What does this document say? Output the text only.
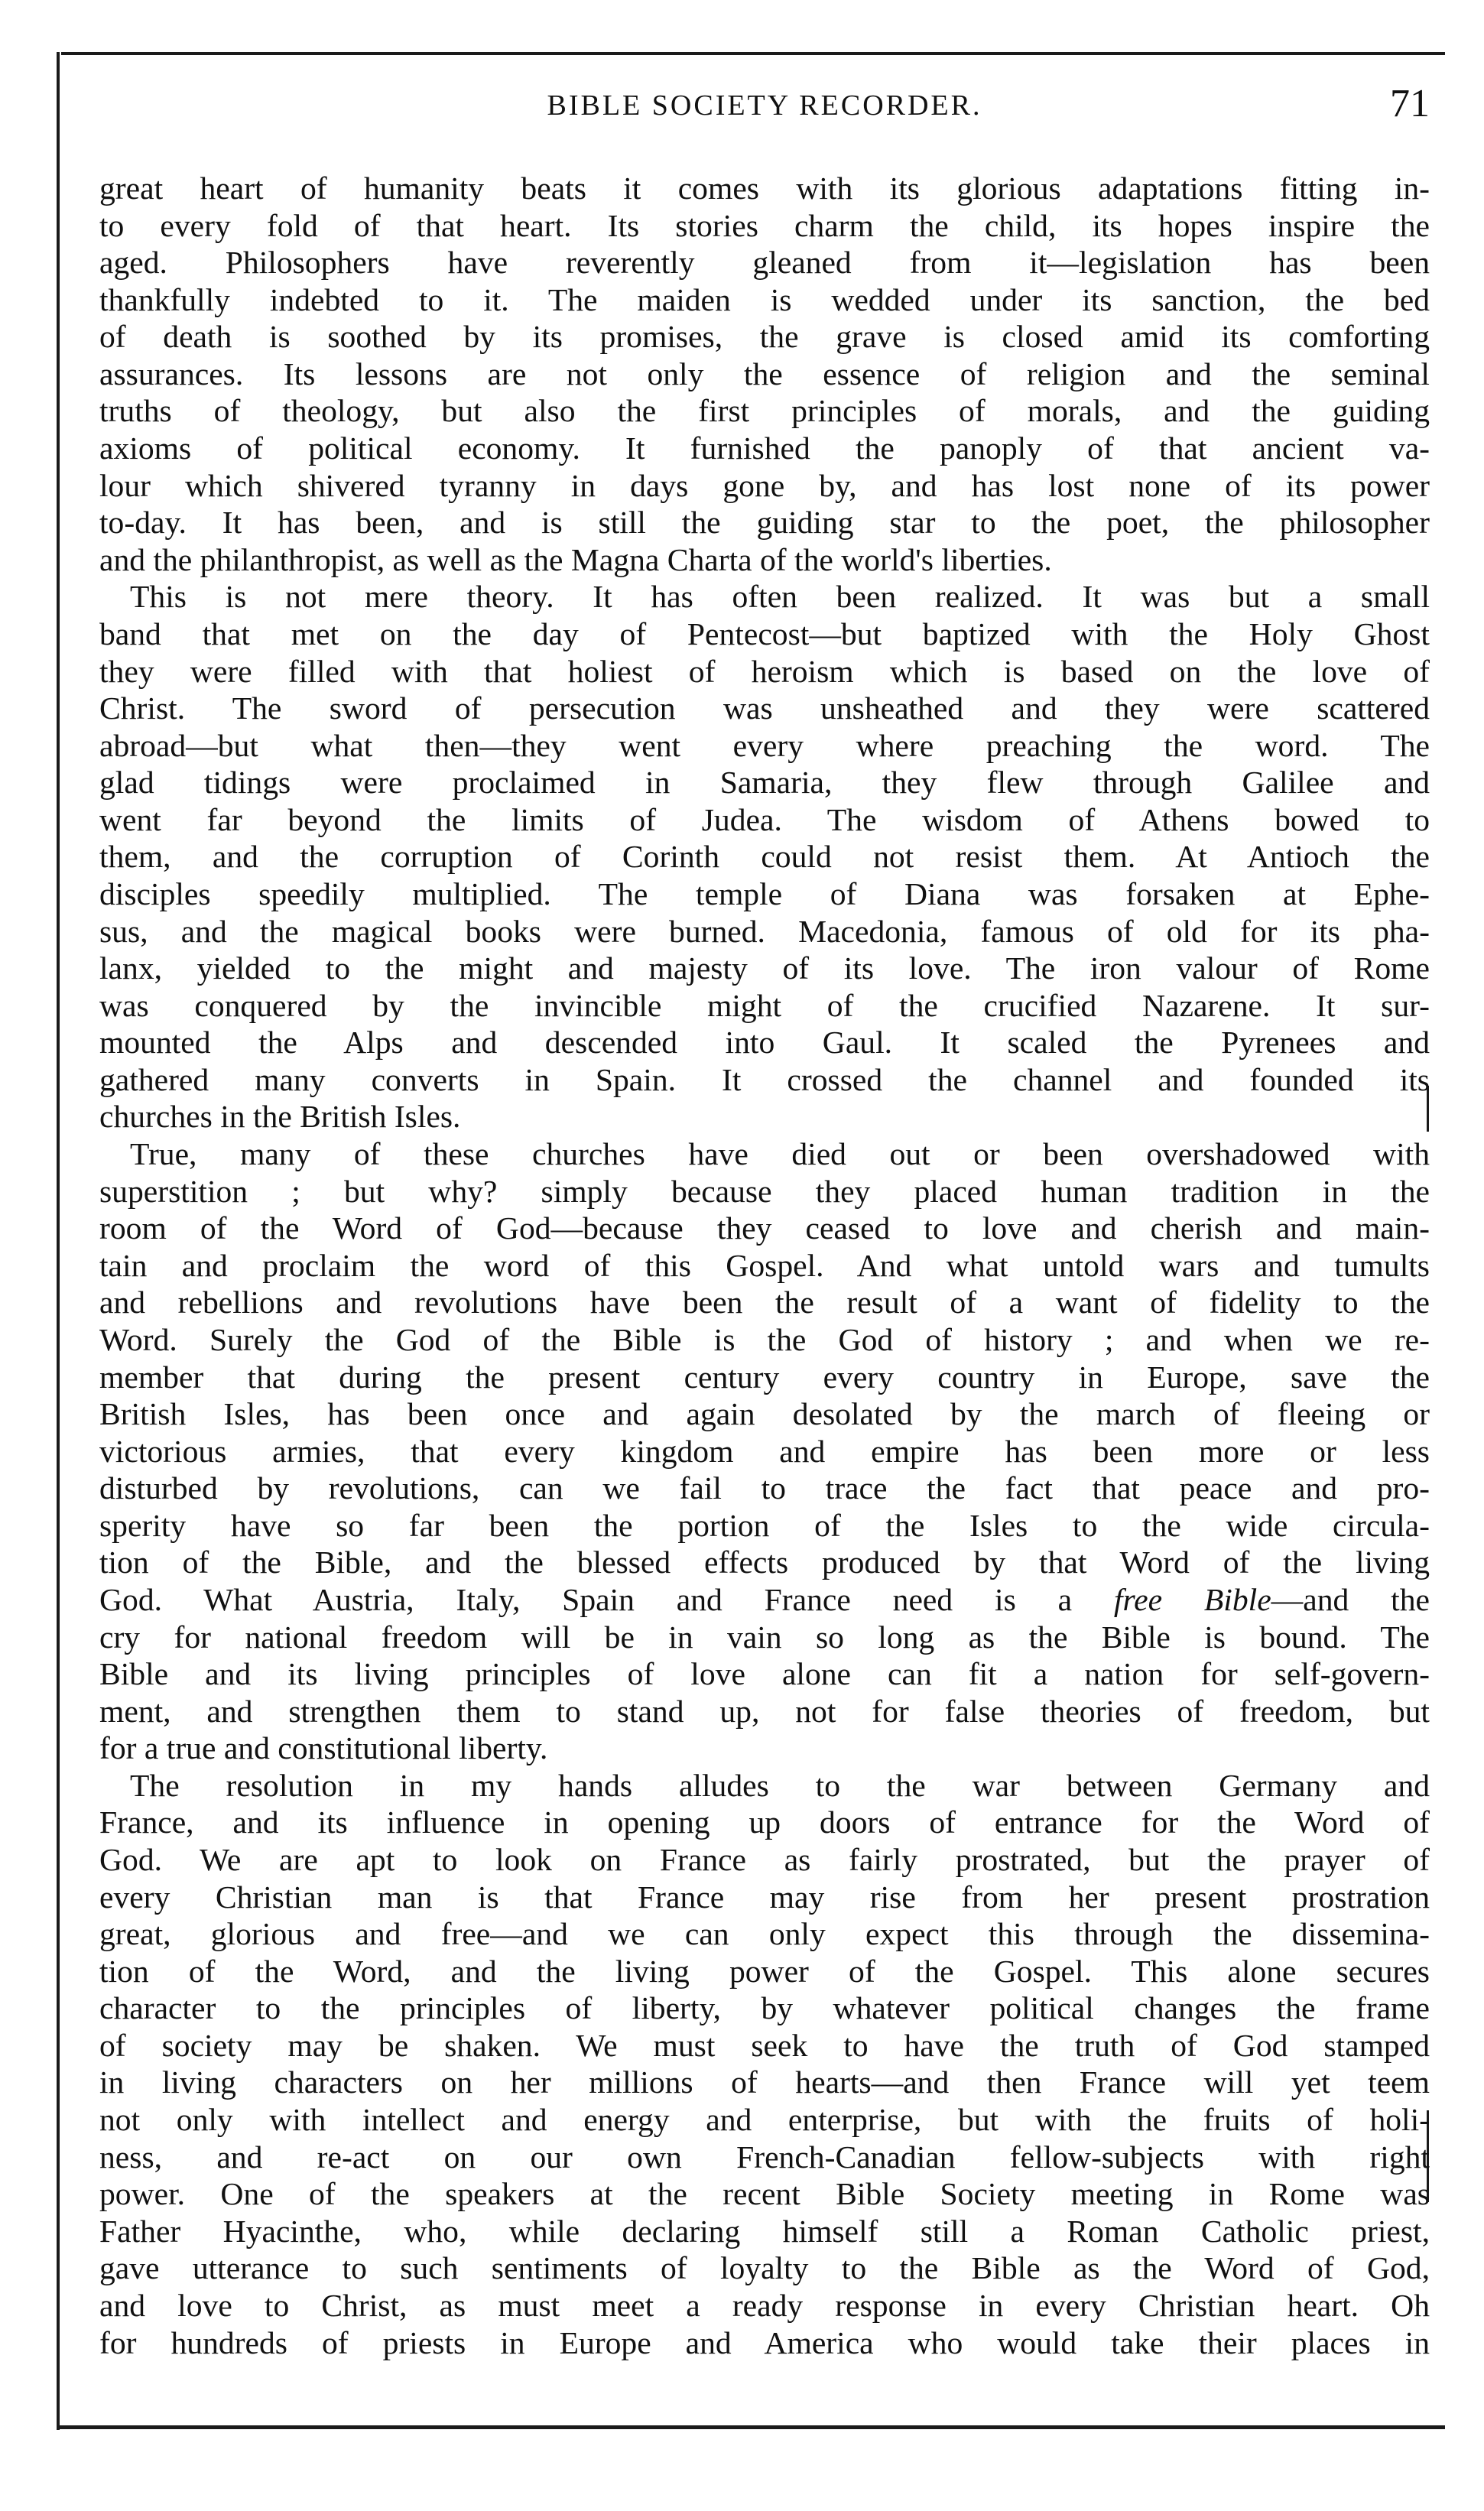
BIBLE SOCIETY RECORDER.	71
great heart of humanity beats it comes with its glorious adaptations fitting in-
to every fold of that heart. Its stories charm the child, its hopes inspire the
aged. Philosophers have reverently gleaned from it—legislation has been
thankfully indebted to it. The maiden is wedded under its sanction, the bed
of death is soothed by its promises, the grave is closed amid its comforting
assurances. Its lessons are not only the essence of religion and the seminal
truths of theology, but also the first principles of morals, and the guiding
axioms of political economy. It furnished the panoply of that ancient va-
lour which shivered tyranny in days gone by, and has lost none of its power
to-day. It has been, and is still the guiding star to the poet, the philosopher
and the philanthropist, as well as the Magna Charta of the world's liberties.
This is not mere theory. It has often been realized. It was but a small
band that met on the day of Pentecost—but baptized with the Holy Ghost
they were filled with that holiest of heroism which is based on the love of
Christ. The sword of persecution was unsheathed and they were scattered
abroad—but what then—they went every where preaching the word. The
glad tidings were proclaimed in Samaria, they flew through Galilee and
went far beyond the limits of Judea. The wisdom of Athens bowed to
them, and the corruption of Corinth could not resist them. At Antioch the
disciples speedily multiplied. The temple of Diana was forsaken at Ephe-
sus, and the magical books were burned. Macedonia, famous of old for its pha-
lanx, yielded to the might and majesty of its love. The iron valour of Rome
was conquered by the invincible might of the crucified Nazarene. It sur-
mounted the Alps and descended into Gaul. It scaled the Pyrenees and
gathered many converts in Spain. It crossed the channel and founded its
churches in the British Isles.
True, many of these churches have died out or been overshadowed with
superstition ; but why? simply because they placed human tradition in the
room of the Word of God—because they ceased to love and cherish and main-
tain and proclaim the word of this Gospel. And what untold wars and tumults
and rebellions and revolutions have been the result of a want of fidelity to the
Word. Surely the God of the Bible is the God of history ; and when we re-
member that during the present century every country in Europe, save the
British Isles, has been once and again desolated by the march of fleeing or
victorious armies, that every kingdom and empire has been more or less
disturbed by revolutions, can we fail to trace the fact that peace and pro-
sperity have so far been the portion of the Isles to the wide circula-
tion of the Bible, and the blessed effects produced by that Word of the living
God. What Austria, Italy, Spain and France need is a free Bible—and the
cry for national freedom will be in vain so long as the Bible is bound. The
Bible and its living principles of love alone can fit a nation for self-govern-
ment, and strengthen them to stand up, not for false theories of freedom, but
for a true and constitutional liberty.
The resolution in my hands alludes to the war between Germany and
France, and its influence in opening up doors of entrance for the Word of
God. We are apt to look on France as fairly prostrated, but the prayer of
every Christian man is that France may rise from her present prostration
great, glorious and free—and we can only expect this through the dissemina-
tion of the Word, and the living power of the Gospel. This alone secures
character to the principles of liberty, by whatever political changes the frame
of society may be shaken. We must seek to have the truth of God stamped
in living characters on her millions of hearts—and then France will yet teem
not only with intellect and energy and enterprise, but with the fruits of holi-
ness, and re-act on our own French-Canadian fellow-subjects with right
power. One of the speakers at the recent Bible Society meeting in Rome was
Father Hyacinthe, who, while declaring himself still a Roman Catholic priest,
gave utterance to such sentiments of loyalty to the Bible as the Word of God,
and love to Christ, as must meet a ready response in every Christian heart. Oh
for hundreds of priests in Europe and America who would take their places in
